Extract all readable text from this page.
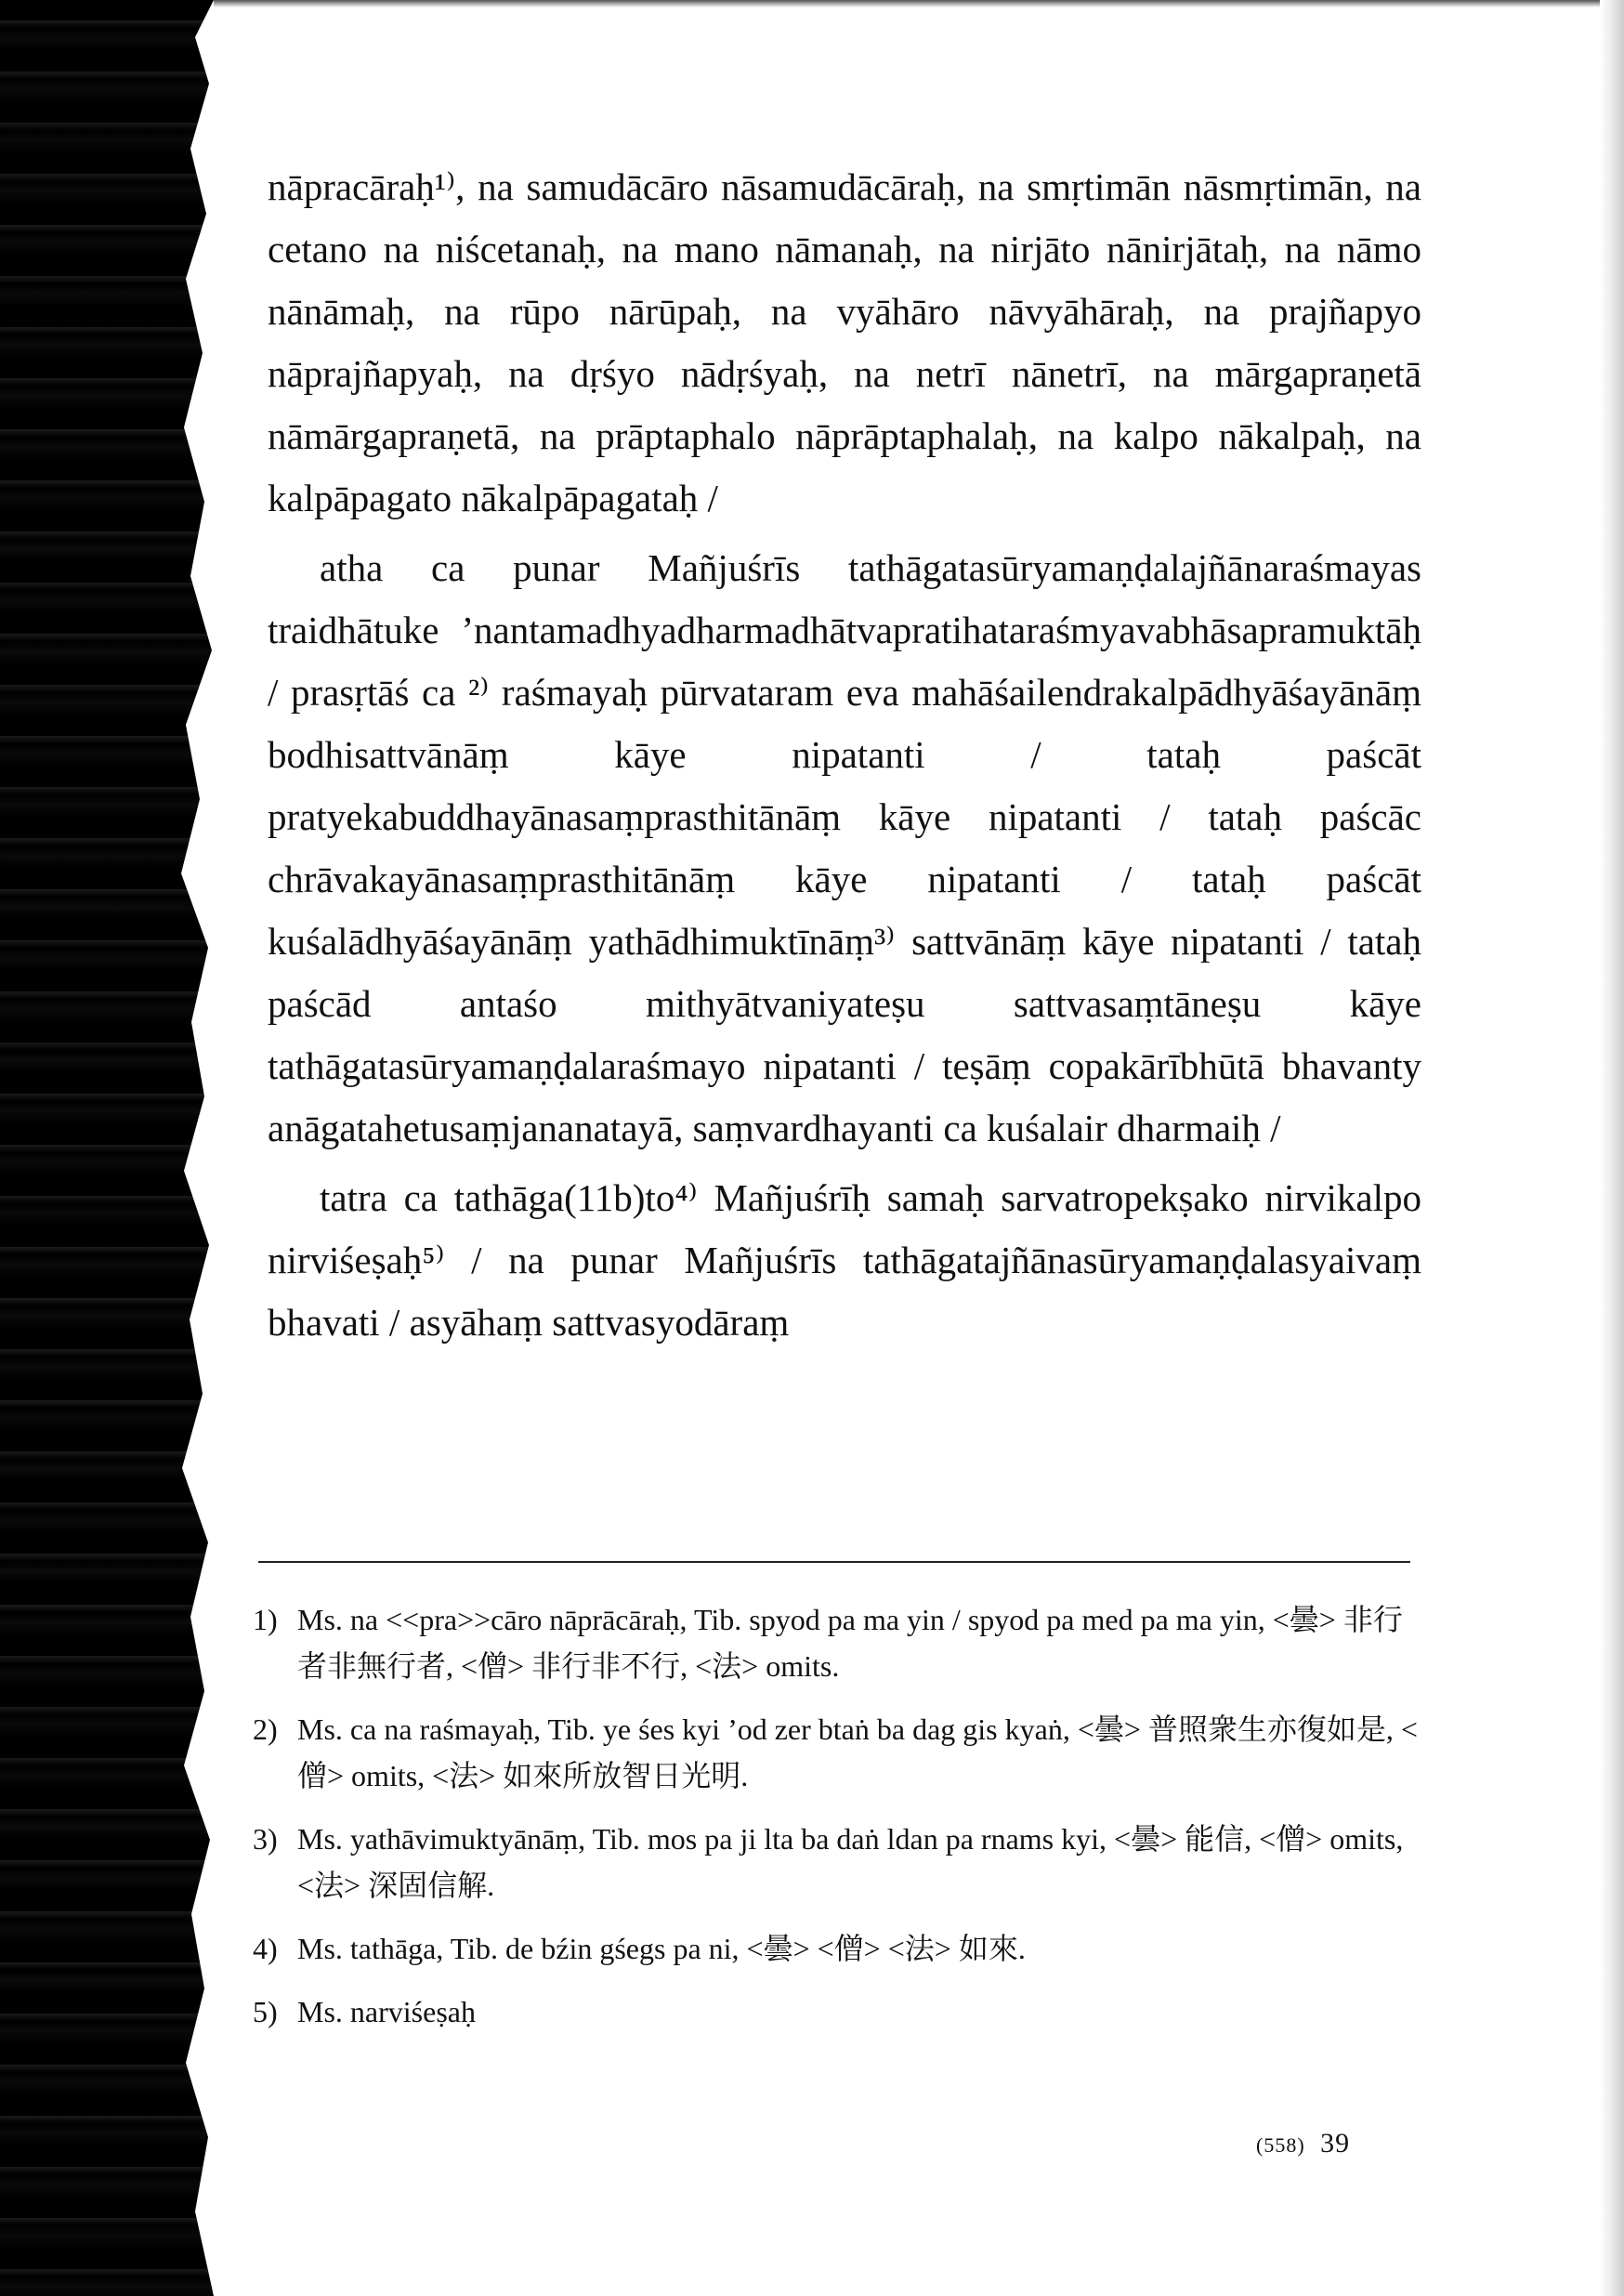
nāpracāraḥ¹⁾, na samudācāro nāsamudācāraḥ, na smṛtimān nāsmṛtimān, na cetano na niścetanaḥ, na mano nāmanaḥ, na nirjāto nānirjātaḥ, na nāmo nānāmaḥ, na rūpo nārūpaḥ, na vyāhāro nāvyāhāraḥ, na prajñapyo nāprajñapyaḥ, na dṛśyo nādṛśyaḥ, na netrī nānetrī, na mārgapraṇetā nāmārgapraṇetā, na prāptaphalo nāprāptaphalaḥ, na kalpo nākalpaḥ, na kalpāpagato nākalpāpagataḥ /

atha ca punar Mañjuśrīs tathāgatasūryamaṇḍalajñānaraśmayas traidhātuke ’nantamadhyadharmadhātvapratihataraśmyavabhāsapramuktāḥ / prasṛtāś ca ²⁾ raśmayaḥ pūrvataram eva mahāśailendrakalpādhyāśayānāṃ bodhisattvānāṃ kāye nipatanti / tataḥ paścāt pratyekabuddhayānasaṃprasthitānāṃ kāye nipatanti / tataḥ paścāc chrāvakayānasaṃprasthitānāṃ kāye nipatanti / tataḥ paścāt kuśalādhyāśayānāṃ yathādhimuktīnāṃ³⁾ sattvānāṃ kāye nipatanti / tataḥ paścād antaśo mithyātvaniyateṣu sattvasaṃtāneṣu kāye tathāgatasūryamaṇḍalaraśmayo nipatanti / teṣāṃ copakārībhūtā bhavanty anāgatahetusaṃjananatayā, saṃvardhayanti ca kuśalair dharmaiḥ /

tatra ca tathāga(11b)to⁴⁾ Mañjuśrīḥ samaḥ sarvatropekṣako nirvikalpo nirviśeṣaḥ⁵⁾ / na punar Mañjuśrīs tathāgatajñānasūryamaṇḍalasyaivaṃ bhavati / asyāhaṃ sattvasyodāraṃ

1) Ms. na <<pra>>cāro nāprācāraḥ, Tib. spyod pa ma yin / spyod pa med pa ma yin, <曇> 非行者非無行者, <僧> 非行非不行, <法> omits.

2) Ms. ca na raśmayaḥ, Tib. ye śes kyi ’od zer btaṅ ba dag gis kyaṅ, <曇> 普照衆生亦復如是, <僧> omits, <法> 如來所放智日光明.

3) Ms. yathāvimuktyānāṃ, Tib. mos pa ji lta ba daṅ ldan pa rnams kyi, <曇> 能信, <僧> omits, <法> 深固信解.

4) Ms. tathāga, Tib. de bźin gśegs pa ni, <曇> <僧> <法> 如來.

5) Ms. narviśeṣaḥ

(558) 39
